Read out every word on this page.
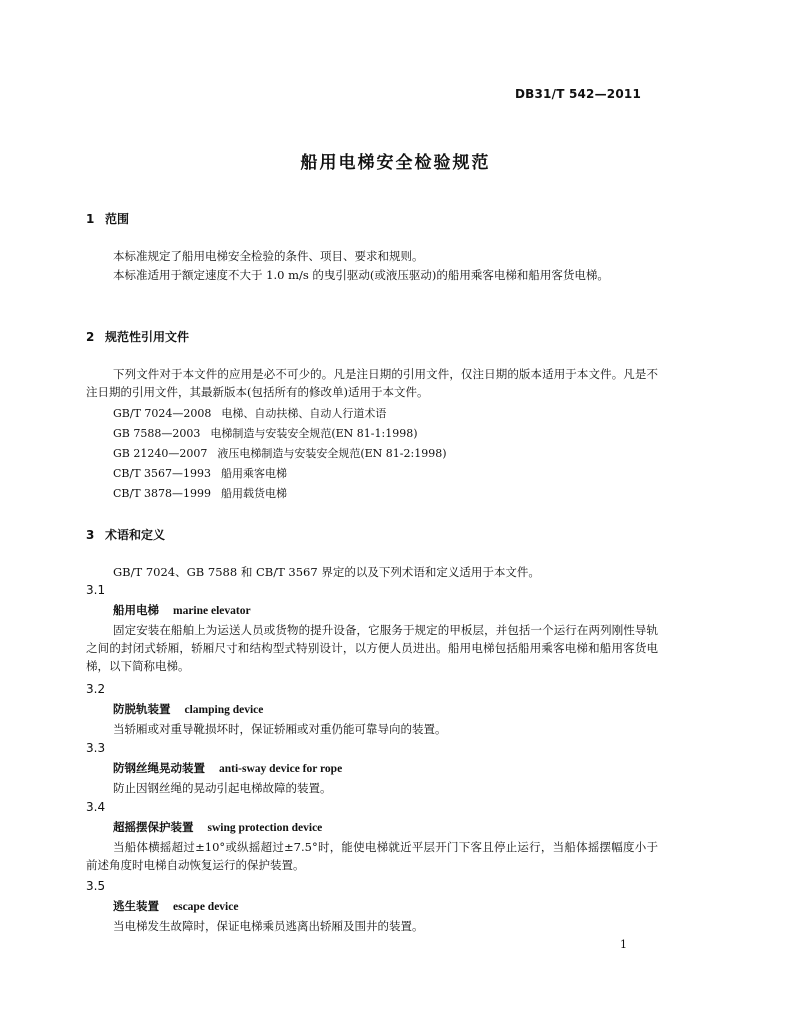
DB31/T 542—2011
船用电梯安全检验规范
1 范围
本标准规定了船用电梯安全检验的条件、项目、要求和规则。
本标准适用于额定速度不大于 1.0 m/s 的曳引驱动(或液压驱动)的船用乘客电梯和船用客货电梯。
2 规范性引用文件
下列文件对于本文件的应用是必不可少的。凡是注日期的引用文件，仅注日期的版本适用于本文件。凡是不注日期的引用文件，其最新版本(包括所有的修改单)适用于本文件。
GB/T 7024—2008 电梯、自动扶梯、自动人行道术语
GB 7588—2003 电梯制造与安装安全规范(EN 81-1:1998)
GB 21240—2007 液压电梯制造与安装安全规范(EN 81-2:1998)
CB/T 3567—1993 船用乘客电梯
CB/T 3878—1999 船用载货电梯
3 术语和定义
GB/T 7024、GB 7588 和 CB/T 3567 界定的以及下列术语和定义适用于本文件。
3.1
船用电梯 marine elevator
固定安装在船舶上为运送人员或货物的提升设备，它服务于规定的甲板层，并包括一个运行在两列刚性导轨之间的封闭式轿厢，轿厢尺寸和结构型式特别设计，以方便人员进出。船用电梯包括船用乘客电梯和船用客货电梯，以下简称电梯。
3.2
防脱轨装置 clamping device
当轿厢或对重导靴损坏时，保证轿厢或对重仍能可靠导向的装置。
3.3
防钢丝绳晃动装置 anti-sway device for rope
防止因钢丝绳的晃动引起电梯故障的装置。
3.4
超摇摆保护装置 swing protection device
当船体横摇超过±10°或纵摇超过±7.5°时，能使电梯就近平层开门下客且停止运行，当船体摇摆幅度小于前述角度时电梯自动恢复运行的保护装置。
3.5
逃生装置 escape device
当电梯发生故障时，保证电梯乘员逃离出轿厢及围井的装置。
1
